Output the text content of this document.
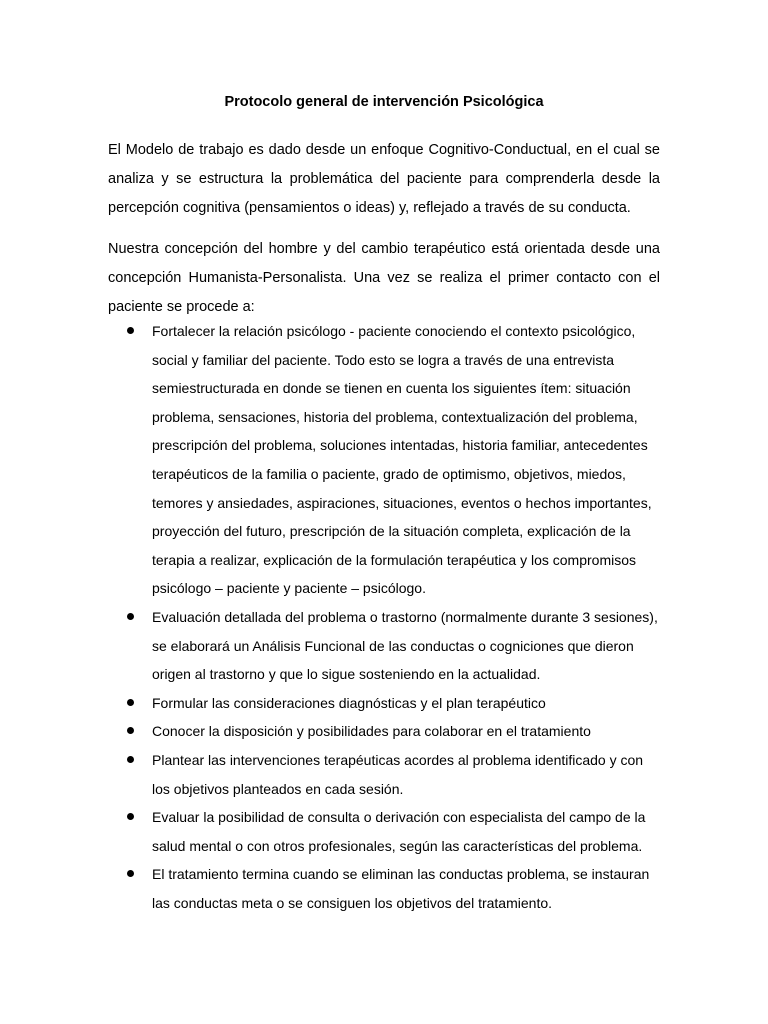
Protocolo general de intervención Psicológica

El Modelo de trabajo es dado desde un enfoque Cognitivo-Conductual, en el cual se analiza y se estructura la problemática del paciente para comprenderla desde la percepción cognitiva (pensamientos o ideas) y, reflejado a través de su conducta.

Nuestra concepción del hombre y del cambio terapéutico está orientada desde una concepción Humanista-Personalista. Una vez se realiza el primer contacto con el paciente se procede a:

Fortalecer la relación psicólogo - paciente conociendo el contexto psicológico, social y familiar del paciente. Todo esto se logra a través de una entrevista semiestructurada en donde se tienen en cuenta los siguientes ítem: situación problema, sensaciones, historia del problema, contextualización del problema, prescripción del problema, soluciones intentadas, historia familiar, antecedentes terapéuticos de la familia o paciente, grado de optimismo, objetivos, miedos, temores y ansiedades, aspiraciones, situaciones, eventos o hechos importantes, proyección del futuro, prescripción de la situación completa, explicación de la terapia a realizar, explicación de la formulación terapéutica y los compromisos psicólogo – paciente y paciente – psicólogo.
Evaluación detallada del problema o trastorno (normalmente durante 3 sesiones), se elaborará un Análisis Funcional de las conductas o cogniciones que dieron origen al trastorno y que lo sigue sosteniendo en la actualidad.
Formular las consideraciones diagnósticas y el plan terapéutico
Conocer la disposición y posibilidades para colaborar en el tratamiento
Plantear las intervenciones terapéuticas acordes al problema identificado y con los objetivos planteados en cada sesión.
Evaluar la posibilidad de consulta o derivación con especialista del campo de la salud mental o con otros profesionales, según las características del problema.
El tratamiento termina cuando se eliminan las conductas problema, se instauran las conductas meta o se consiguen los objetivos del tratamiento.
